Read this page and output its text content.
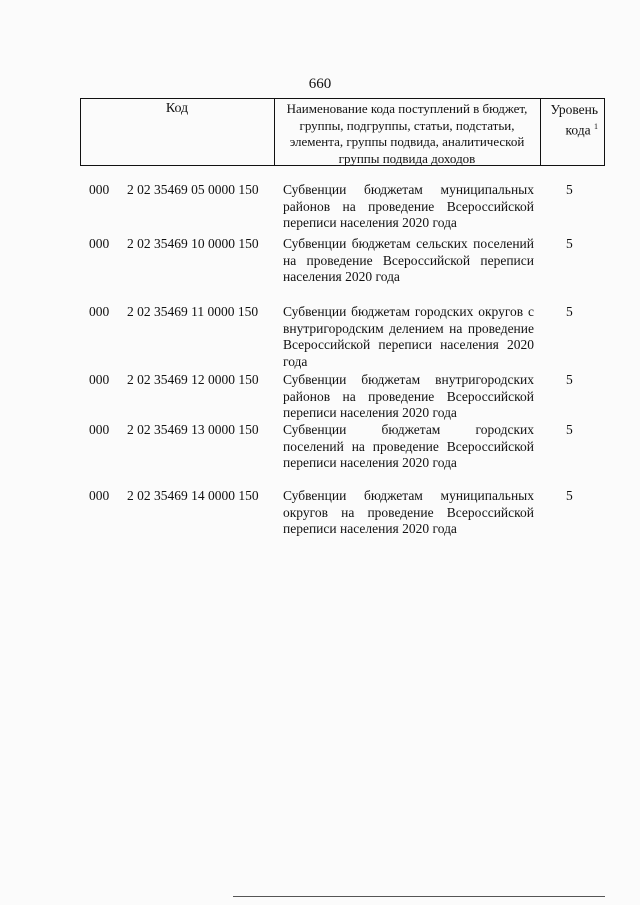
660
Код	Наименование кода поступлений в бюджет, группы, подгруппы, статьи, подстатьи, элемента, группы подвида, аналитической группы подвида доходов
Уровень кода $^1$
000 2 02 35469 05 0000 150 Субвенции бюджетам муниципальных районов на проведение Всероссийской переписи населения 2020 года
5
000 2 02 35469 10 0000 150 Субвенции бюджетам сельских поселений на проведение Всероссийской переписи населения 2020 года
5
000 2 02 35469 11 0000 150 Субвенции бюджетам городских округов с внутригородским делением на проведение Всероссийской переписи населения 2020 года
5
000 2 02 35469 12 0000 150 Субвенции бюджетам внутригородских районов на проведение Всероссийской переписи населения 2020 года
5
000 2 02 35469 13 0000 150 Субвенции бюджетам городских поселений на проведение Всероссийской переписи населения 2020 года
5
000 2 02 35469 14 0000 150 Субвенции бюджетам муниципальных округов на проведение Всероссийской переписи населения 2020 года
5
